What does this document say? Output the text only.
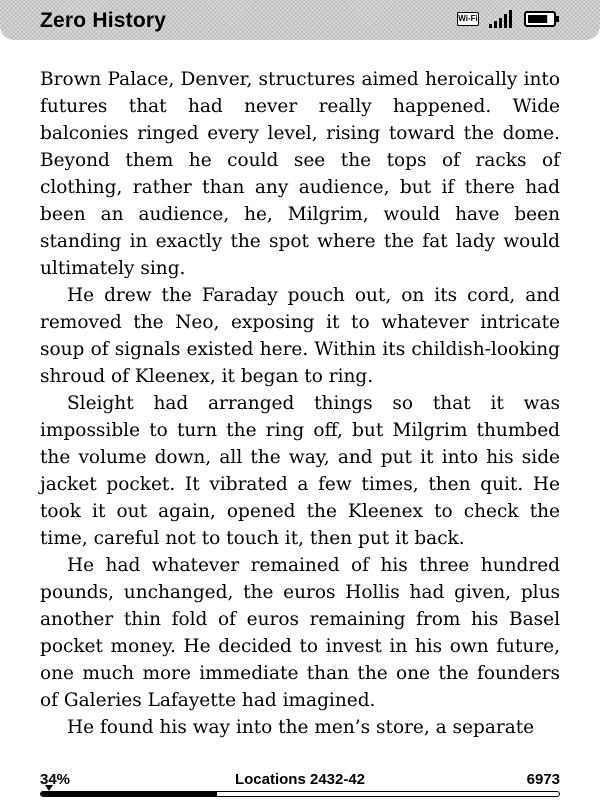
Zero History	Wi-Fi

Brown Palace, Denver, structures aimed heroically into futures that had never really happened. Wide balconies ringed every level, rising toward the dome. Beyond them he could see the tops of racks of clothing, rather than any audience, but if there had been an audience, he, Milgrim, would have been standing in exactly the spot where the fat lady would ultimately sing.

He drew the Faraday pouch out, on its cord, and removed the Neo, exposing it to whatever intricate soup of signals existed here. Within its childish-looking shroud of Kleenex, it began to ring.

Sleight had arranged things so that it was impossible to turn the ring off, but Milgrim thumbed the volume down, all the way, and put it into his side jacket pocket. It vibrated a few times, then quit. He took it out again, opened the Kleenex to check the time, careful not to touch it, then put it back.

He had whatever remained of his three hundred pounds, unchanged, the euros Hollis had given, plus another thin fold of euros remaining from his Basel pocket money. He decided to invest in his own future, one much more immediate than the one the founders of Galeries Lafayette had imagined.

He found his way into the men’s store, a separate

34%	Locations 2432-42	6973
